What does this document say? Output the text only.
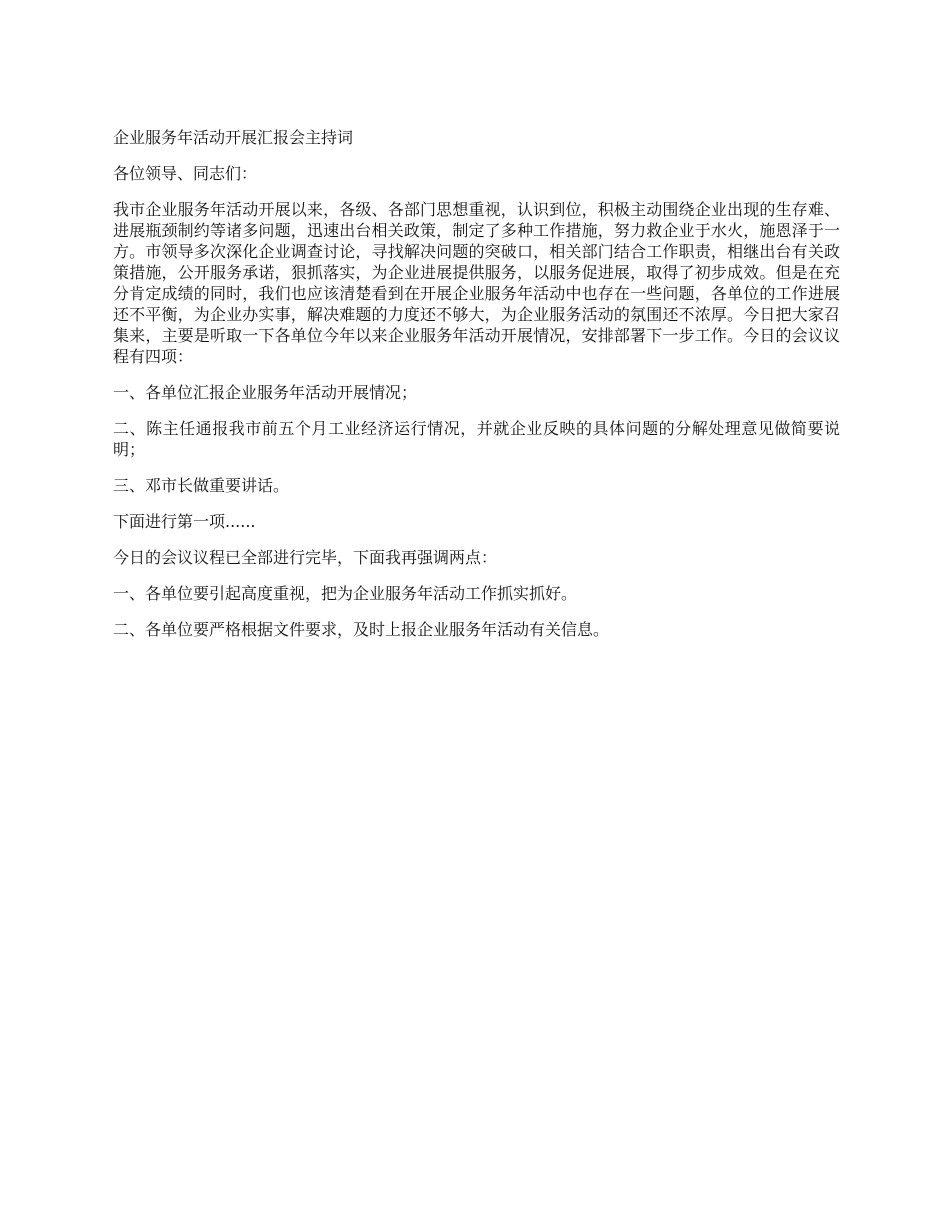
企业服务年活动开展汇报会主持词

各位领导、同志们：

我市企业服务年活动开展以来，各级、各部门思想重视，认识到位，积极主动围绕企业出现的生存难、进展瓶颈制约等诸多问题，迅速出台相关政策，制定了多种工作措施，努力救企业于水火，施恩泽于一方。市领导多次深化企业调查讨论，寻找解决问题的突破口，相关部门结合工作职责，相继出台有关政策措施，公开服务承诺，狠抓落实，为企业进展提供服务，以服务促进展，取得了初步成效。但是在充分肯定成绩的同时，我们也应该清楚看到在开展企业服务年活动中也存在一些问题，各单位的工作进展还不平衡，为企业办实事，解决难题的力度还不够大，为企业服务活动的氛围还不浓厚。今日把大家召集来，主要是听取一下各单位今年以来企业服务年活动开展情况，安排部署下一步工作。今日的会议议程有四项：

一、各单位汇报企业服务年活动开展情况；

二、陈主任通报我市前五个月工业经济运行情况，并就企业反映的具体问题的分解处理意见做简要说明；

三、邓市长做重要讲话。

下面进行第一项......

今日的会议议程已全部进行完毕，下面我再强调两点：

一、各单位要引起高度重视，把为企业服务年活动工作抓实抓好。

二、各单位要严格根据文件要求，及时上报企业服务年活动有关信息。
